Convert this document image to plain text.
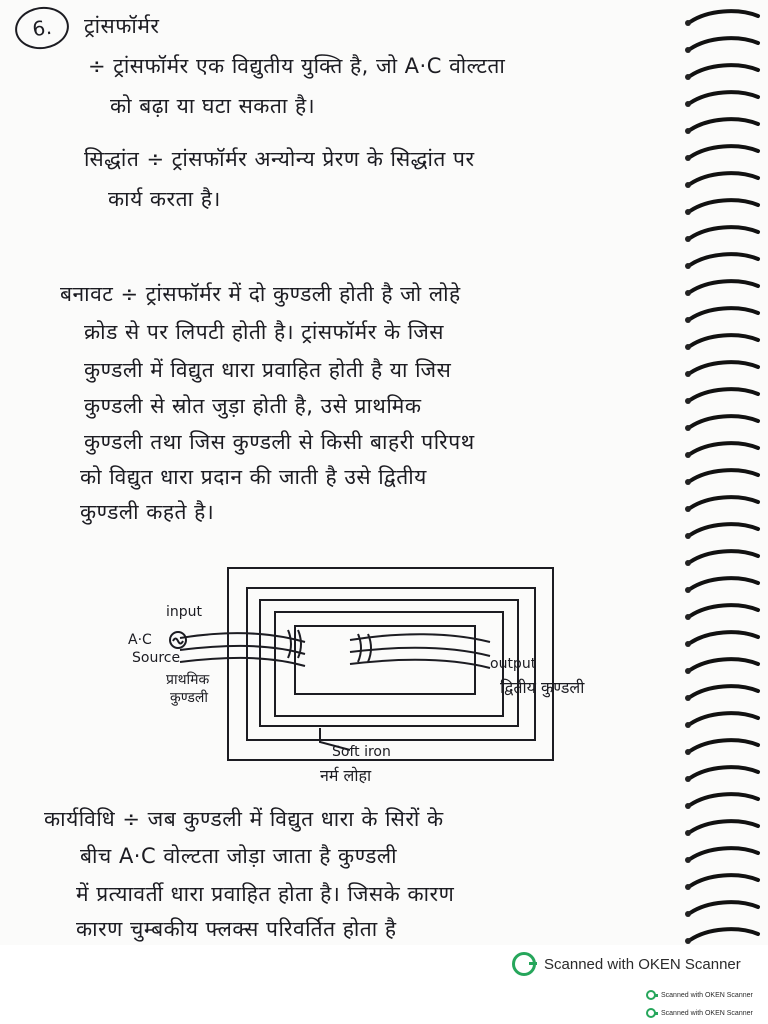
6. ट्रांसफॉर्मर
÷ ट्रांसफॉर्मर एक विद्युतीय युक्ति है, जो A·C वोल्टता
को बढ़ा या घटा सकता है।
सिद्धांत ÷ ट्रांसफॉर्मर अन्योन्य प्रेरण के सिद्धांत पर
कार्य करता है।
बनावट ÷ ट्रांसफॉर्मर में दो कुण्डली होती है जो लोहे
क्रोड से पर लिपटी होती है। ट्रांसफॉर्मर के जिस
कुण्डली में विद्युत धारा प्रवाहित होती है या जिस
कुण्डली से स्रोत जुड़ा होती है, उसे प्राथमिक
कुण्डली तथा जिस कुण्डली से किसी बाहरी परिपथ
को विद्युत धारा प्रदान की जाती है उसे द्वितीय
कुण्डली कहते है।
input
A·C
Source
प्राथमिक
कुण्डली
output
द्वितीय कुण्डली
Soft iron
नर्म लोहा
कार्यविधि ÷ जब कुण्डली में विद्युत धारा के सिरों के
बीच A·C वोल्टता जोड़ा जाता है कुण्डली
में प्रत्यावर्ती धारा प्रवाहित होता है। जिसके कारण
कारण चुम्बकीय फ्लक्स परिवर्तित होता है
Scanned with OKEN Scanner
Scanned with OKEN Scanner
Scanned with OKEN Scanner
